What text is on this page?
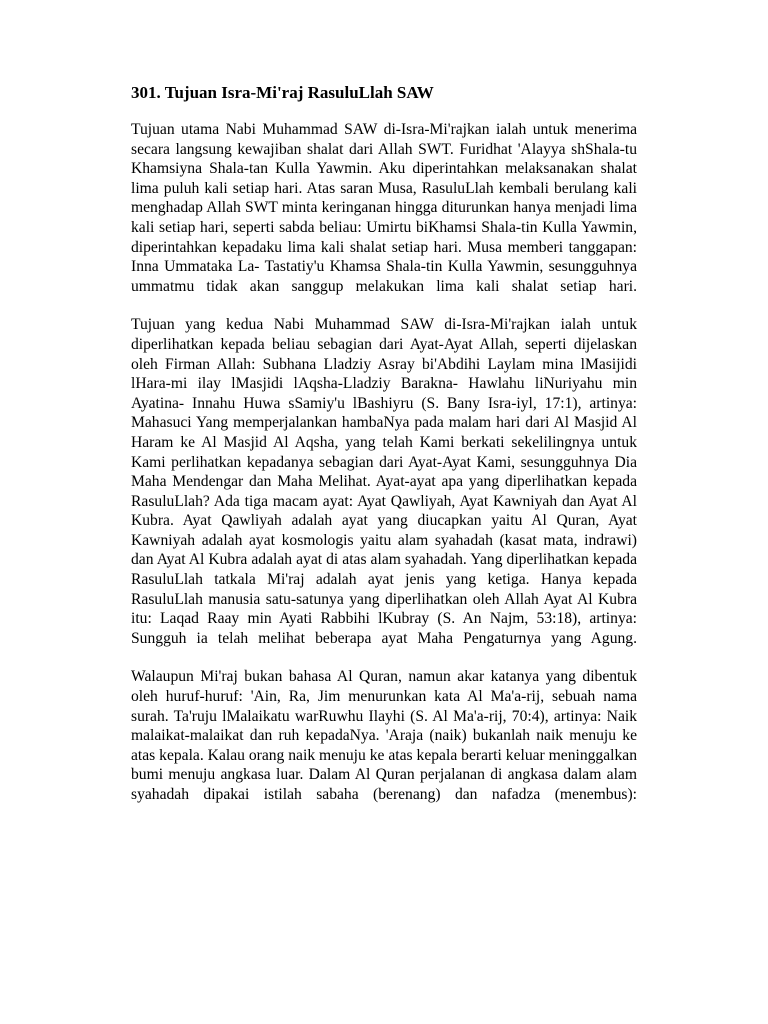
301. Tujuan Isra-Mi'raj RasuluLlah SAW

Tujuan utama Nabi Muhammad SAW di-Isra-Mi'rajkan ialah untuk menerima secara langsung kewajiban shalat dari Allah SWT. Furidhat 'Alayya shShala-tu Khamsiyna Shala-tan Kulla Yawmin. Aku diperintahkan melaksanakan shalat lima puluh kali setiap hari. Atas saran Musa, RasuluLlah kembali berulang kali menghadap Allah SWT minta keringanan hingga diturunkan hanya menjadi lima kali setiap hari, seperti sabda beliau: Umirtu biKhamsi Shala-tin Kulla Yawmin, diperintahkan kepadaku lima kali shalat setiap hari. Musa memberi tanggapan: Inna Ummataka La- Tastatiy'u Khamsa Shala-tin Kulla Yawmin, sesungguhnya ummatmu tidak akan sanggup melakukan lima kali shalat setiap hari.

Tujuan yang kedua Nabi Muhammad SAW di-Isra-Mi'rajkan ialah untuk diperlihatkan kepada beliau sebagian dari Ayat-Ayat Allah, seperti dijelaskan oleh Firman Allah: Subhana Lladziy Asray bi'Abdihi Laylam mina lMasijidi lHara-mi ilay lMasjidi lAqsha-Lladziy Barakna- Hawlahu liNuriyahu min Ayatina- Innahu Huwa sSamiy'u lBashiyru (S. Bany Isra-iyl, 17:1), artinya: Mahasuci Yang memperjalankan hambaNya pada malam hari dari Al Masjid Al Haram ke Al Masjid Al Aqsha, yang telah Kami berkati sekelilingnya untuk Kami perlihatkan kepadanya sebagian dari Ayat-Ayat Kami, sesungguhnya Dia Maha Mendengar dan Maha Melihat. Ayat-ayat apa yang diperlihatkan kepada RasuluLlah? Ada tiga macam ayat: Ayat Qawliyah, Ayat Kawniyah dan Ayat Al Kubra. Ayat Qawliyah adalah ayat yang diucapkan yaitu Al Quran, Ayat Kawniyah adalah ayat kosmologis yaitu alam syahadah (kasat mata, indrawi) dan Ayat Al Kubra adalah ayat di atas alam syahadah. Yang diperlihatkan kepada RasuluLlah tatkala Mi'raj adalah ayat jenis yang ketiga. Hanya kepada RasuluLlah manusia satu-satunya yang diperlihatkan oleh Allah Ayat Al Kubra itu: Laqad Raay min Ayati Rabbihi lKubray (S. An Najm, 53:18), artinya: Sungguh ia telah melihat beberapa ayat Maha Pengaturnya yang Agung.

Walaupun Mi'raj bukan bahasa Al Quran, namun akar katanya yang dibentuk oleh huruf-huruf: 'Ain, Ra, Jim menurunkan kata Al Ma'a-rij, sebuah nama surah. Ta'ruju lMalaikatu warRuwhu Ilayhi (S. Al Ma'a-rij, 70:4), artinya: Naik malaikat-malaikat dan ruh kepadaNya. 'Araja (naik) bukanlah naik menuju ke atas kepala. Kalau orang naik menuju ke atas kepala berarti keluar meninggalkan bumi menuju angkasa luar. Dalam Al Quran perjalanan di angkasa dalam alam syahadah dipakai istilah sabaha (berenang) dan nafadza (menembus):
